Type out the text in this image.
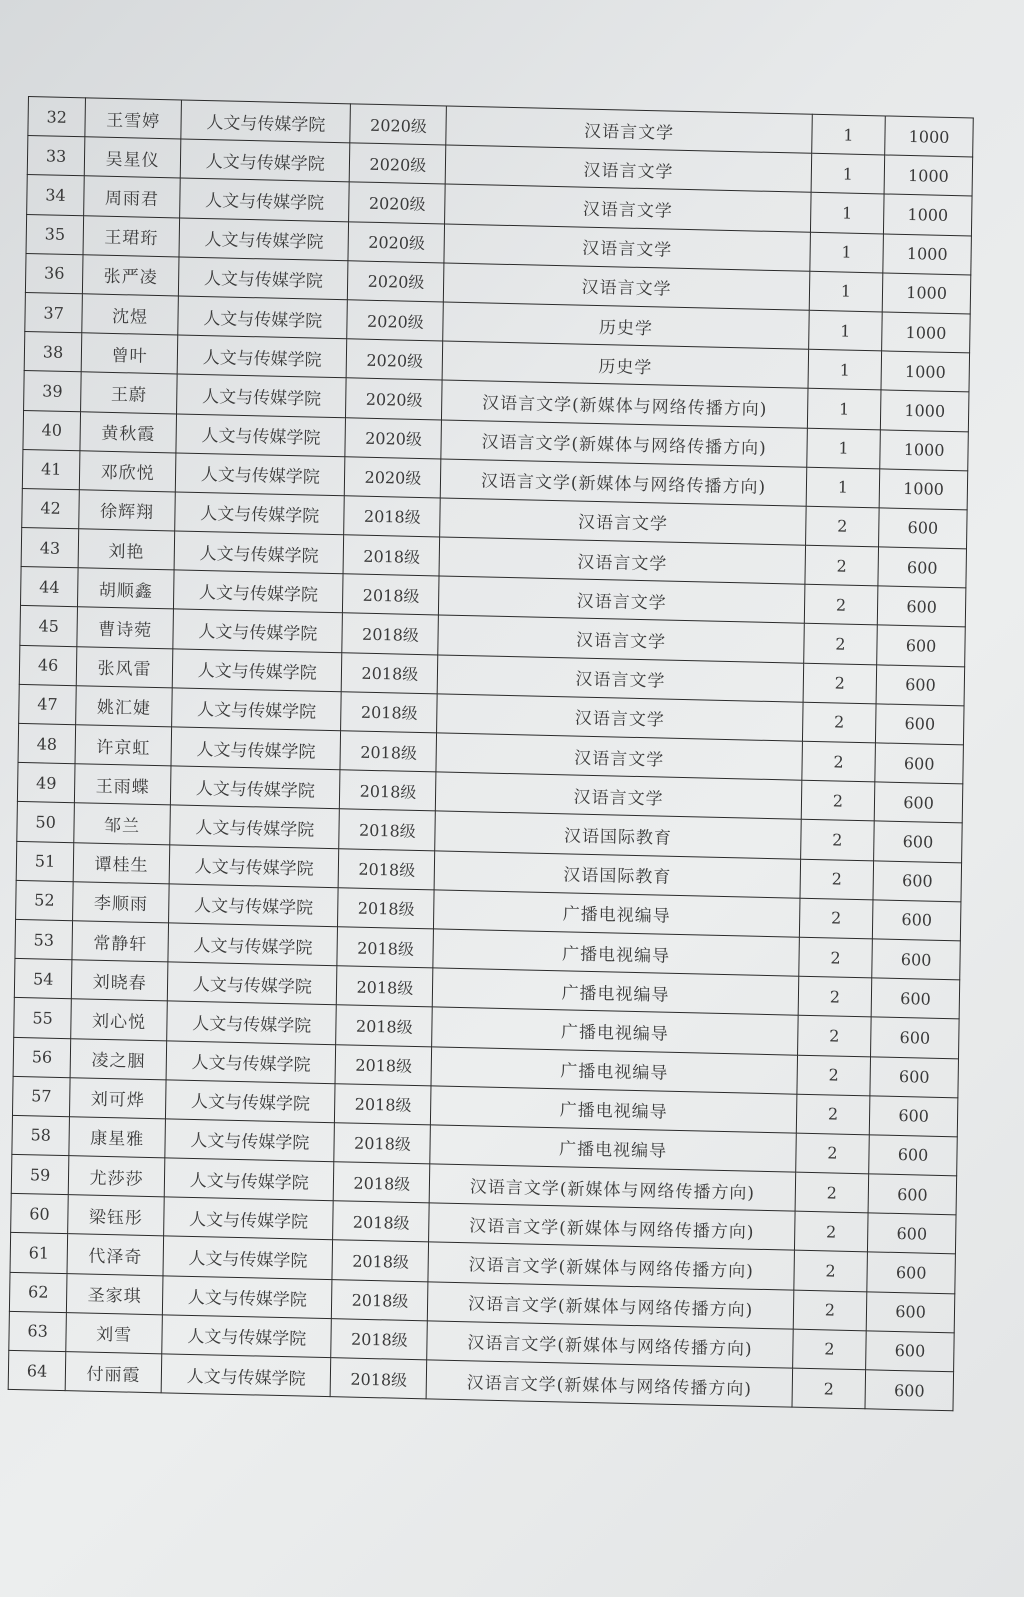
32	王雪婷	人文与传媒学院	2020级	汉语言文学	1	1000
33	吴星仪	人文与传媒学院	2020级	汉语言文学	1	1000
34	周雨君	人文与传媒学院	2020级	汉语言文学	1	1000
35	王珺珩	人文与传媒学院	2020级	汉语言文学	1	1000
36	张严凌	人文与传媒学院	2020级	汉语言文学	1	1000
37	沈煜	人文与传媒学院	2020级	历史学	1	1000
38	曾叶	人文与传媒学院	2020级	历史学	1	1000
39	王蔚	人文与传媒学院	2020级	汉语言文学(新媒体与网络传播方向)	1	1000
40	黄秋霞	人文与传媒学院	2020级	汉语言文学(新媒体与网络传播方向)	1	1000
41	邓欣悦	人文与传媒学院	2020级	汉语言文学(新媒体与网络传播方向)	1	1000
42	徐辉翔	人文与传媒学院	2018级	汉语言文学	2	600
43	刘艳	人文与传媒学院	2018级	汉语言文学	2	600
44	胡顺鑫	人文与传媒学院	2018级	汉语言文学	2	600
45	曹诗菀	人文与传媒学院	2018级	汉语言文学	2	600
46	张风雷	人文与传媒学院	2018级	汉语言文学	2	600
47	姚汇婕	人文与传媒学院	2018级	汉语言文学	2	600
48	许京虹	人文与传媒学院	2018级	汉语言文学	2	600
49	王雨蝶	人文与传媒学院	2018级	汉语言文学	2	600
50	邹兰	人文与传媒学院	2018级	汉语国际教育	2	600
51	谭桂生	人文与传媒学院	2018级	汉语国际教育	2	600
52	李顺雨	人文与传媒学院	2018级	广播电视编导	2	600
53	常静轩	人文与传媒学院	2018级	广播电视编导	2	600
54	刘晓春	人文与传媒学院	2018级	广播电视编导	2	600
55	刘心悦	人文与传媒学院	2018级	广播电视编导	2	600
56	凌之胭	人文与传媒学院	2018级	广播电视编导	2	600
57	刘可烨	人文与传媒学院	2018级	广播电视编导	2	600
58	康星雅	人文与传媒学院	2018级	广播电视编导	2	600
59	尤莎莎	人文与传媒学院	2018级	汉语言文学(新媒体与网络传播方向)	2	600
60	梁钰彤	人文与传媒学院	2018级	汉语言文学(新媒体与网络传播方向)	2	600
61	代泽奇	人文与传媒学院	2018级	汉语言文学(新媒体与网络传播方向)	2	600
62	圣家琪	人文与传媒学院	2018级	汉语言文学(新媒体与网络传播方向)	2	600
63	刘雪	人文与传媒学院	2018级	汉语言文学(新媒体与网络传播方向)	2	600
64	付丽霞	人文与传媒学院	2018级	汉语言文学(新媒体与网络传播方向)	2	600
